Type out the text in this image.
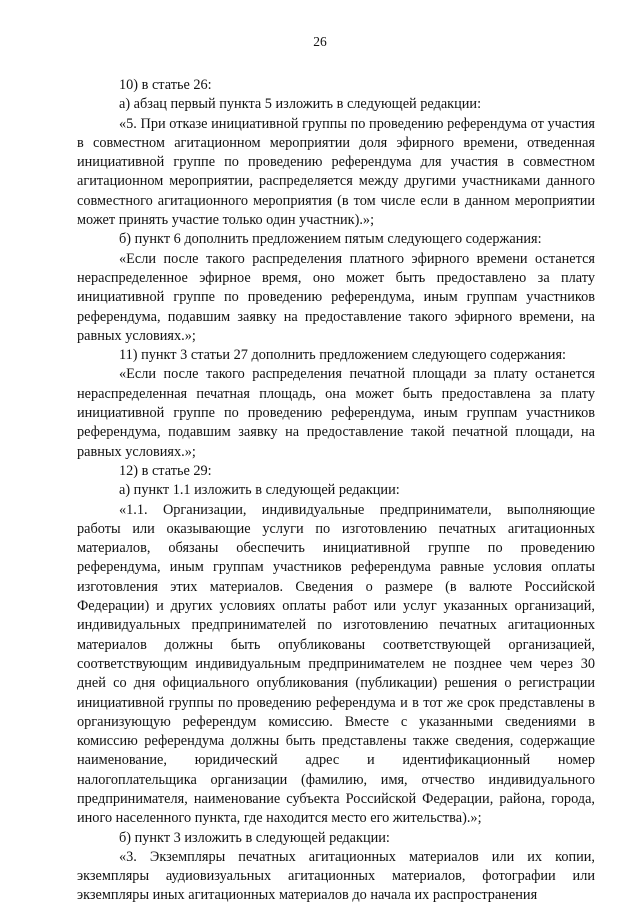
26

10) в статье 26:

а) абзац первый пункта 5 изложить в следующей редакции:

«5. При отказе инициативной группы по проведению референдума от участия в совместном агитационном мероприятии доля эфирного времени, отведенная инициативной группе по проведению референдума для участия в совместном агитационном мероприятии, распределяется между другими участниками данного совместного агитационного мероприятия (в том числе если в данном мероприятии может принять участие только один участник).»;

б) пункт 6 дополнить предложением пятым следующего содержания:

«Если после такого распределения платного эфирного времени останется нераспределенное эфирное время, оно может быть предоставлено за плату инициативной группе по проведению референдума, иным группам участников референдума, подавшим заявку на предоставление такого эфирного времени, на равных условиях.»;

11) пункт 3 статьи 27 дополнить предложением следующего содержания:

«Если после такого распределения печатной площади за плату останется нераспределенная печатная площадь, она может быть предоставлена за плату инициативной группе по проведению референдума, иным группам участников референдума, подавшим заявку на предоставление такой печатной площади, на равных условиях.»;

12) в статье 29:

а) пункт 1.1 изложить в следующей редакции:

«1.1. Организации, индивидуальные предприниматели, выполняющие работы или оказывающие услуги по изготовлению печатных агитационных материалов, обязаны обеспечить инициативной группе по проведению референдума, иным группам участников референдума равные условия оплаты изготовления этих материалов. Сведения о размере (в валюте Российской Федерации) и других условиях оплаты работ или услуг указанных организаций, индивидуальных предпринимателей по изготовлению печатных агитационных материалов должны быть опубликованы соответствующей организацией, соответствующим индивидуальным предпринимателем не позднее чем через 30 дней со дня официального опубликования (публикации) решения о регистрации инициативной группы по проведению референдума и в тот же срок представлены в организующую референдум комиссию. Вместе с указанными сведениями в комиссию референдума должны быть представлены также сведения, содержащие наименование, юридический адрес и идентификационный номер налогоплательщика организации (фамилию, имя, отчество индивидуального предпринимателя, наименование субъекта Российской Федерации, района, города, иного населенного пункта, где находится место его жительства).»;

б) пункт 3 изложить в следующей редакции:

«3. Экземпляры печатных агитационных материалов или их копии, экземпляры аудиовизуальных агитационных материалов, фотографии или экземпляры иных агитационных материалов до начала их распространения
